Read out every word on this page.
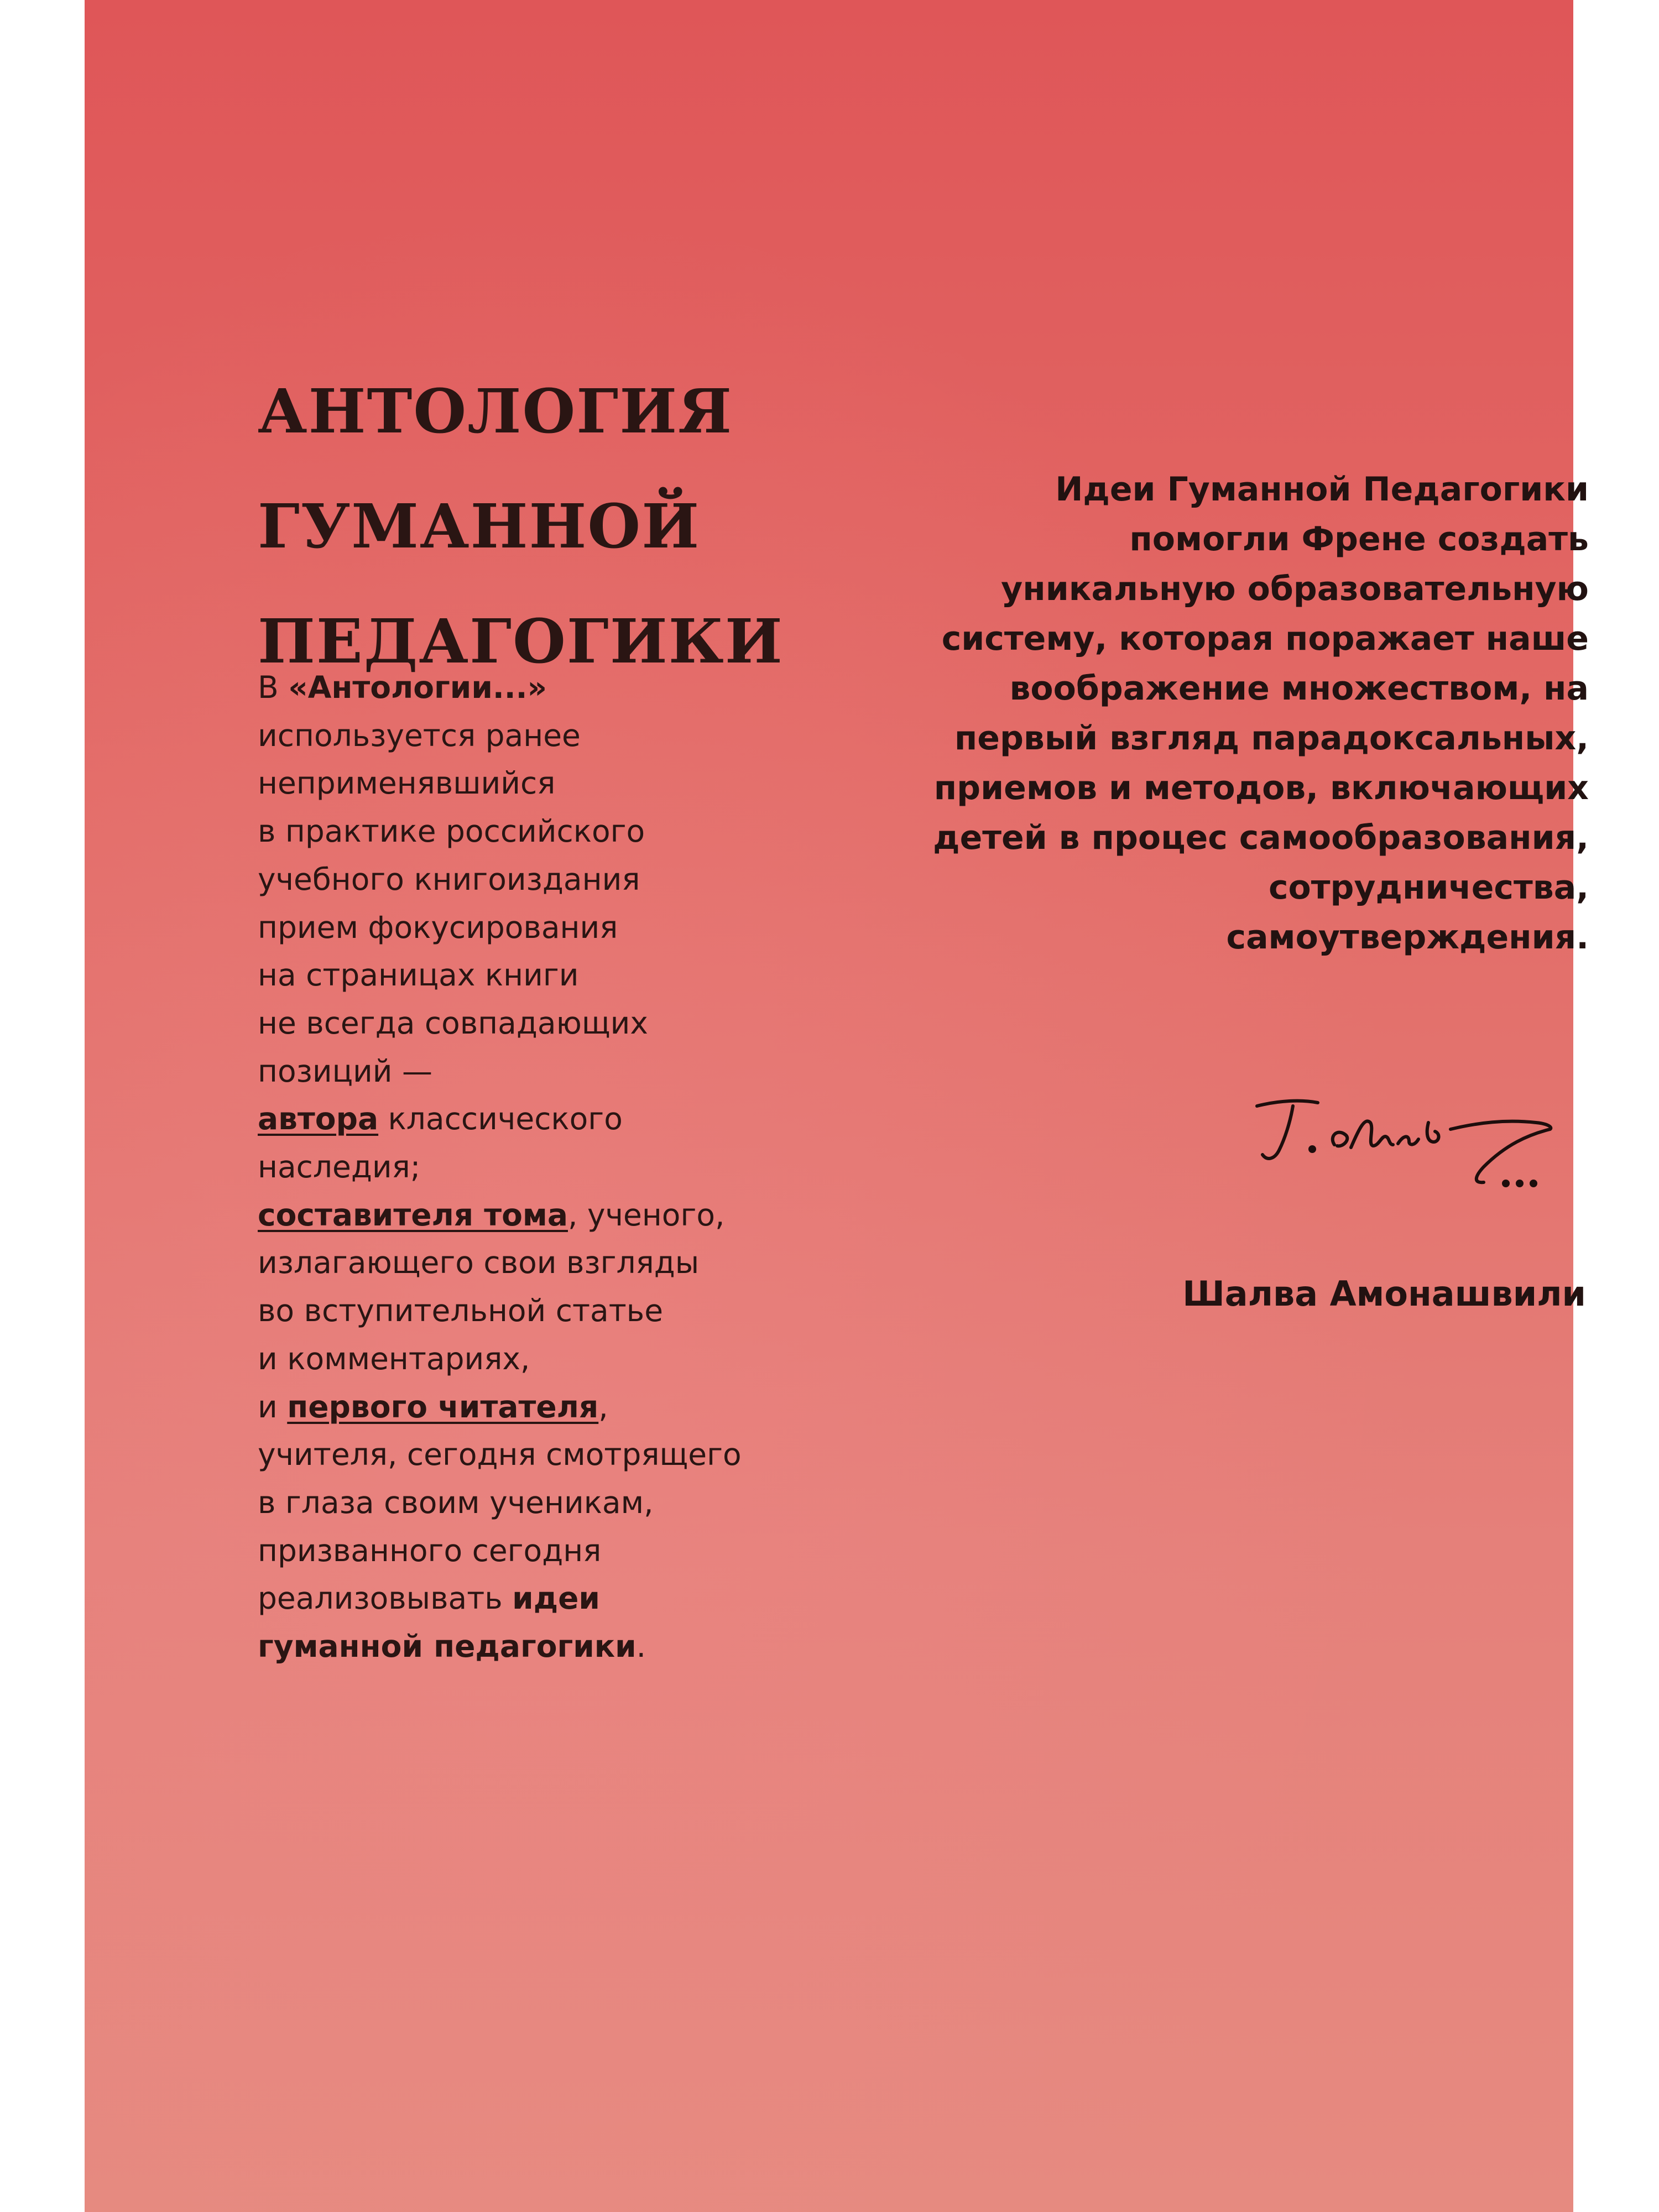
АНТОЛОГИЯ
ГУМАННОЙ
ПЕДАГОГИКИ
В «Антологии...»
используется ранее
неприменявшийся
в практике российского
учебного книгоиздания
прием фокусирования
на страницах книги
не всегда совпадающих
позиций —
автора классического
наследия;
составителя тома, ученого,
излагающего свои взгляды
во вступительной статье
и комментариях,
и первого читателя,
учителя, сегодня смотрящего
в глаза своим ученикам,
призванного сегодня
реализовывать идеи
гуманной педагогики.
Идеи Гуманной Педагогики
помогли Френе создать
уникальную образовательную
систему, которая поражает наше
воображение множеством, на
первый взгляд парадоксальных,
приемов и методов, включающих
детей в процес самообразования,
сотрудничества,
самоутверждения.
Шалва Амонашвили
